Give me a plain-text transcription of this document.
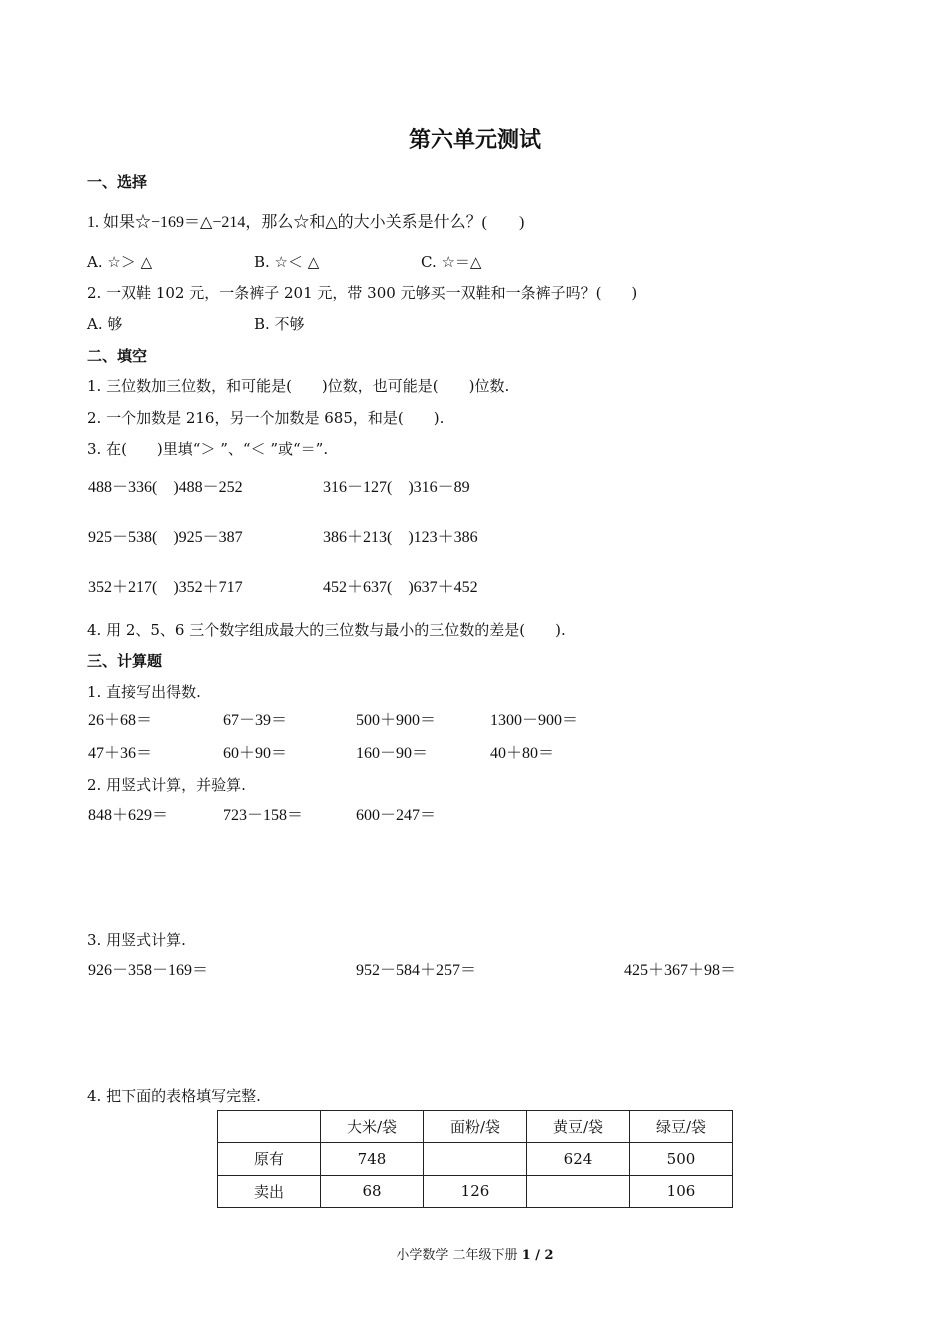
第六单元测试
一、选择
1. 如果☆−169＝△−214，那么☆和△的大小关系是什么？(　　)
A. ☆＞ △	B. ☆＜ △	C. ☆＝△
2. 一双鞋 102 元，一条裤子 201 元，带 300 元够买一双鞋和一条裤子吗？(　　)
A. 够	B. 不够
二、填空
1. 三位数加三位数，和可能是(　　)位数，也可能是(　　)位数.
2. 一个加数是 216，另一个加数是 685，和是(　　).
3. 在(　　)里填“＞ ”、“＜ ”或“＝”.
488－336(　)488－252	316－127(　)316－89
925－538(　)925－387	386＋213(　)123＋386
352＋217(　)352＋717	452＋637(　)637＋452
4. 用 2、5、6 三个数字组成最大的三位数与最小的三位数的差是(　　).
三、计算题
1. 直接写出得数.
26＋68＝	67－39＝	500＋900＝	1300－900＝
47＋36＝	60＋90＝	160－90＝	40＋80＝
2. 用竖式计算，并验算.
848＋629＝	723－158＝	600－247＝
3. 用竖式计算.
926－358－169＝	952－584＋257＝	425＋367＋98＝
4. 把下面的表格填写完整.
	大米/袋	面粉/袋	黄豆/袋	绿豆/袋
原有	748		624	500
卖出	68	126		106
小学数学 二年级下册 1 / 2
